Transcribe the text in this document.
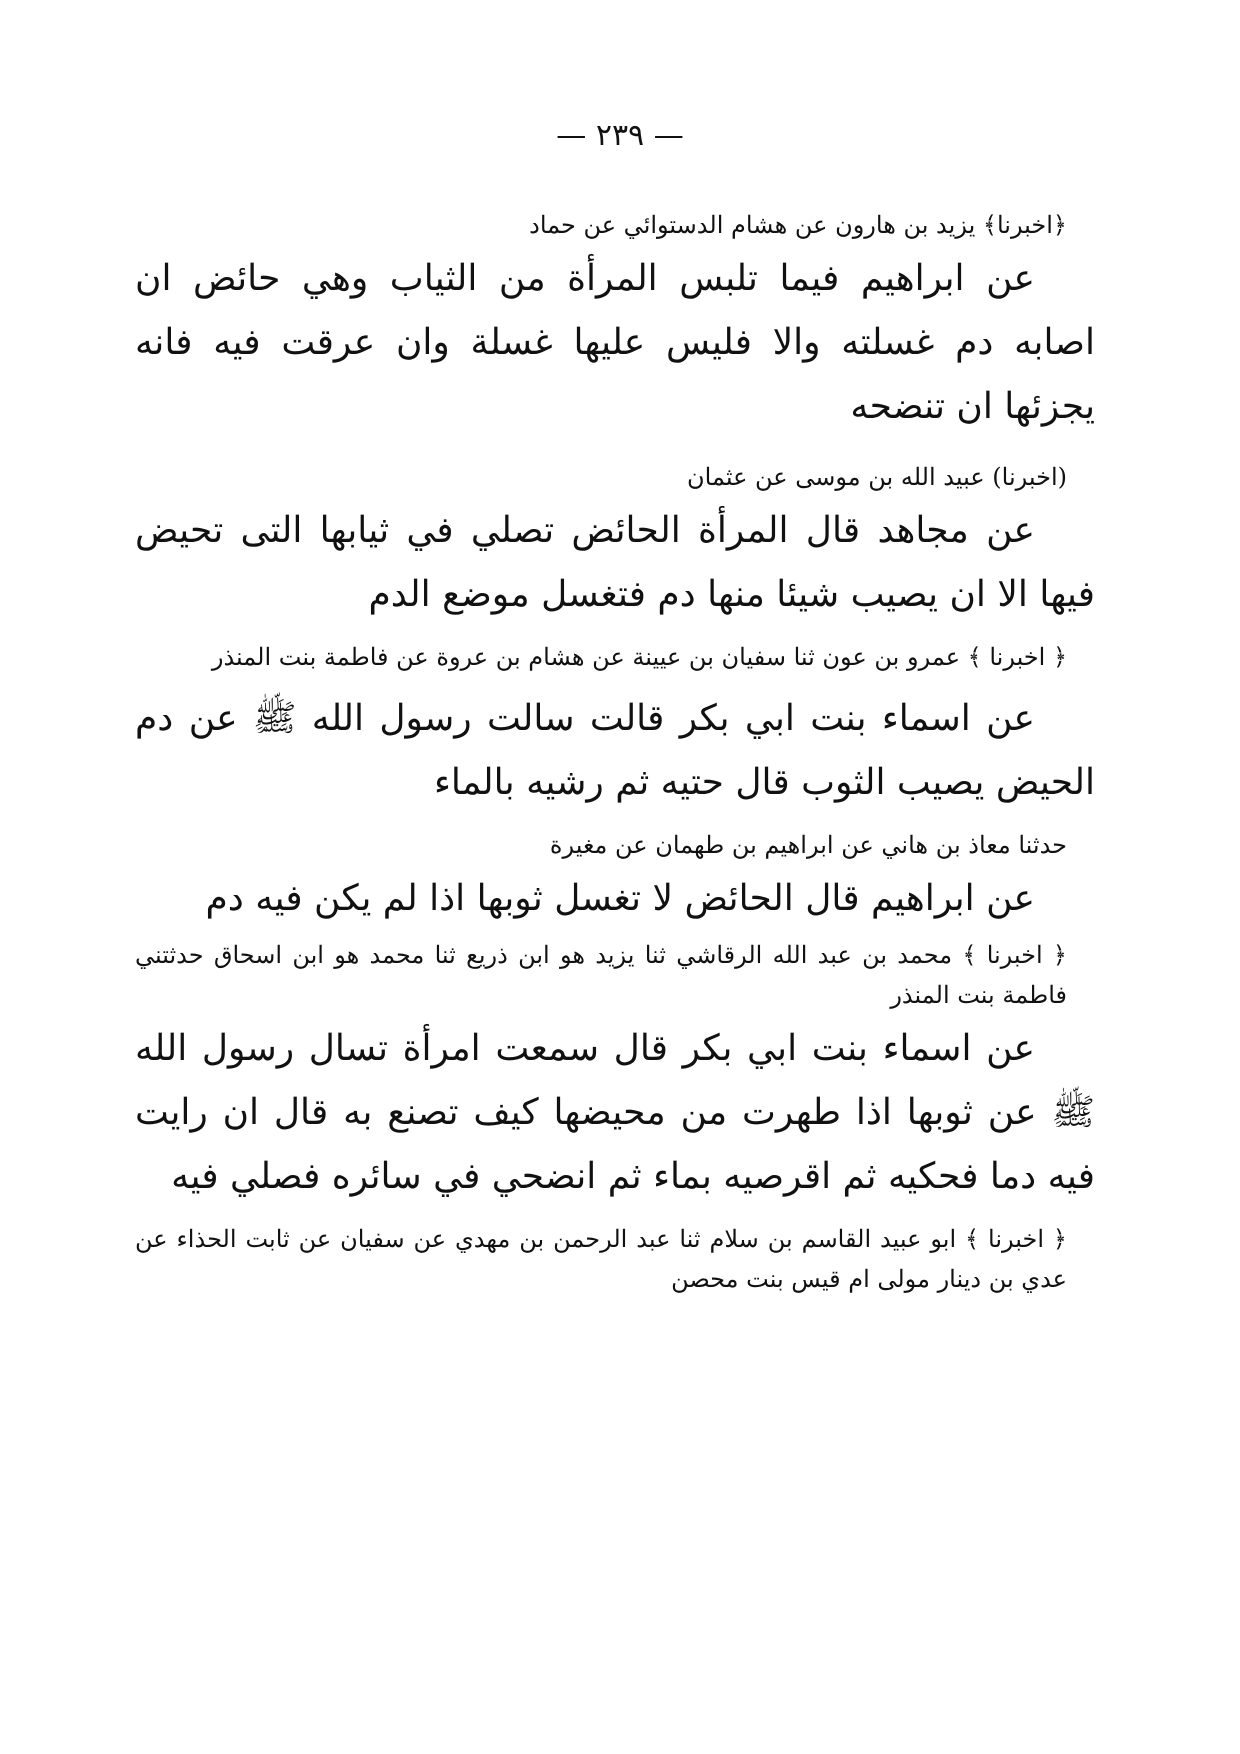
— ٢٣٩ —

﴿اخبرنا﴾ يزيد بن هارون عن هشام الدستوائي عن حماد

عن ابراهيم فيما تلبس المرأة من الثياب وهي حائض ان اصابه دم غسلته والا فليس عليها غسلة وان عرقت فيه فانه يجزئها ان تنضحه

(اخبرنا) عبيد الله بن موسى عن عثمان

عن مجاهد قال المرأة الحائض تصلي في ثيابها التى تحيض فيها الا ان يصيب شيئا منها دم فتغسل موضع الدم

﴿ اخبرنا ﴾ عمرو بن عون ثنا سفيان بن عيينة عن هشام بن عروة عن فاطمة بنت المنذر

عن اسماء بنت ابي بكر قالت سالت رسول الله ﷺ عن دم الحيض يصيب الثوب قال حتيه ثم رشيه بالماء

حدثنا معاذ بن هاني عن ابراهيم بن طهمان عن مغيرة

عن ابراهيم قال الحائض لا تغسل ثوبها اذا لم يكن فيه دم

﴿ اخبرنا ﴾ محمد بن عبد الله الرقاشي ثنا يزيد هو ابن ذريع ثنا محمد هو ابن اسحاق حدثتني فاطمة بنت المنذر

عن اسماء بنت ابي بكر قال سمعت امرأة تسال رسول الله ﷺ عن ثوبها اذا طهرت من محيضها كيف تصنع به قال ان رايت فيه دما فحكيه ثم اقرصيه بماء ثم انضحي في سائره فصلي فيه

﴿ اخبرنا ﴾ ابو عبيد القاسم بن سلام ثنا عبد الرحمن بن مهدي عن سفيان عن ثابت الحذاء عن عدي بن دينار مولى ام قيس بنت محصن
